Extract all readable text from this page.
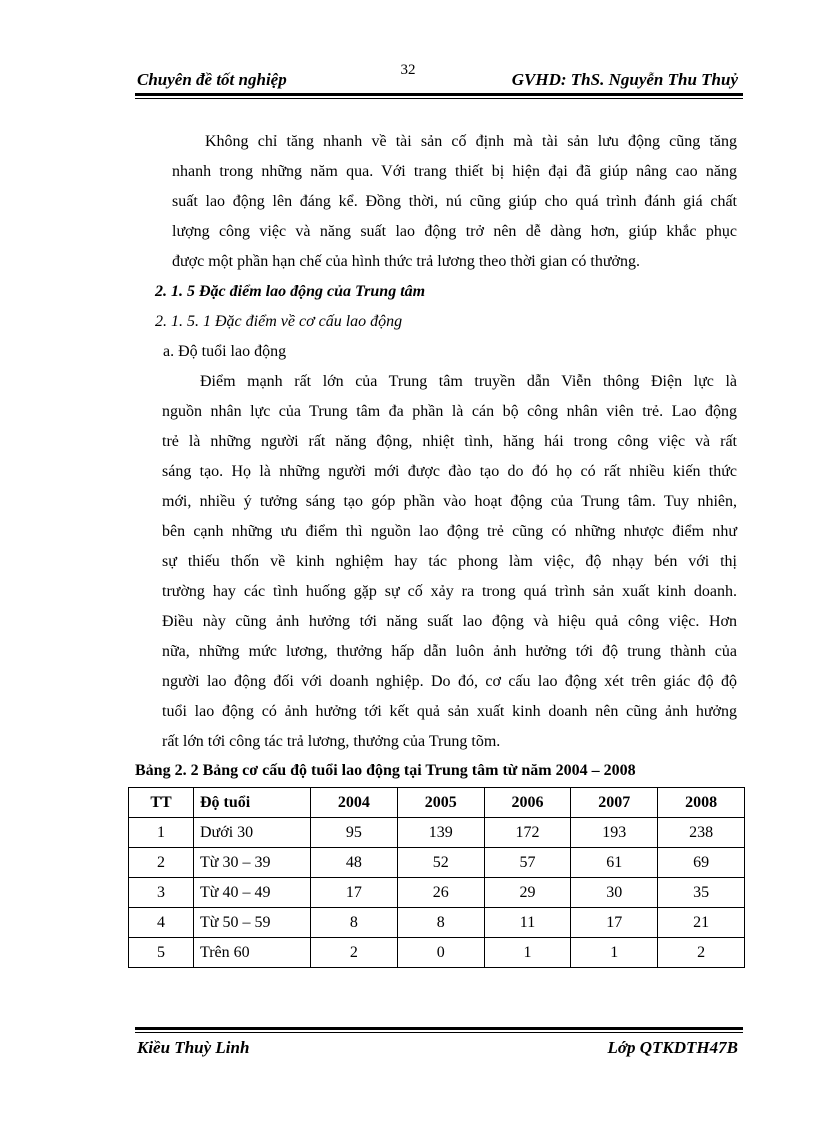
32
Chuyên đề tốt nghiệp	GVHD: ThS. Nguyễn Thu Thuỷ
Không chỉ tăng nhanh về tài sản cố định mà tài sản lưu động cũng tăng
nhanh trong những năm qua. Với trang thiết bị hiện đại đã giúp nâng cao năng
suất lao động lên đáng kể. Đồng thời, nú cũng giúp cho quá trình đánh giá chất
lượng công việc và năng suất lao động trở nên dễ dàng hơn, giúp khắc phục
được một phần hạn chế của hình thức trả lương theo thời gian có thưởng.
2. 1. 5 Đặc điểm lao động của Trung tâm
2. 1. 5. 1 Đặc điểm về cơ cấu lao động
a. Độ tuổi lao động
Điểm mạnh rất lớn của Trung tâm truyền dẫn Viễn thông Điện lực là
nguồn nhân lực của Trung tâm đa phần là cán bộ công nhân viên trẻ. Lao động
trẻ là những người rất năng động, nhiệt tình, hăng hái trong công việc và rất
sáng tạo. Họ là những người mới được đào tạo do đó họ có rất nhiều kiến thức
mới, nhiều ý tưởng sáng tạo góp phần vào hoạt động của Trung tâm. Tuy nhiên,
bên cạnh những ưu điểm thì nguồn lao động trẻ cũng có những nhược điểm như
sự thiếu thốn về kinh nghiệm hay tác phong làm việc, độ nhạy bén với thị
trường hay các tình huống gặp sự cố xảy ra trong quá trình sản xuất kinh doanh.
Điều này cũng ảnh hưởng tới năng suất lao động và hiệu quả công việc. Hơn
nữa, những mức lương, thưởng hấp dẫn luôn ảnh hưởng tới độ trung thành của
người lao động đối với doanh nghiệp. Do đó, cơ cấu lao động xét trên giác độ độ
tuổi lao động có ảnh hưởng tới kết quả sản xuất kinh doanh nên cũng ảnh hưởng
rất lớn tới công tác trả lương, thưởng của Trung tõm.
Bảng 2. 2 Bảng cơ cấu độ tuổi lao động tại Trung tâm từ năm 2004 – 2008
TT	Độ tuổi	2004	2005	2006	2007	2008
1	Dưới 30	95	139	172	193	238
2	Từ 30 – 39	48	52	57	61	69
3	Từ 40 – 49	17	26	29	30	35
4	Từ 50 – 59	8	8	11	17	21
5	Trên 60	2	0	1	1	2
Kiều Thuỳ Linh	Lớp QTKDTH47B
